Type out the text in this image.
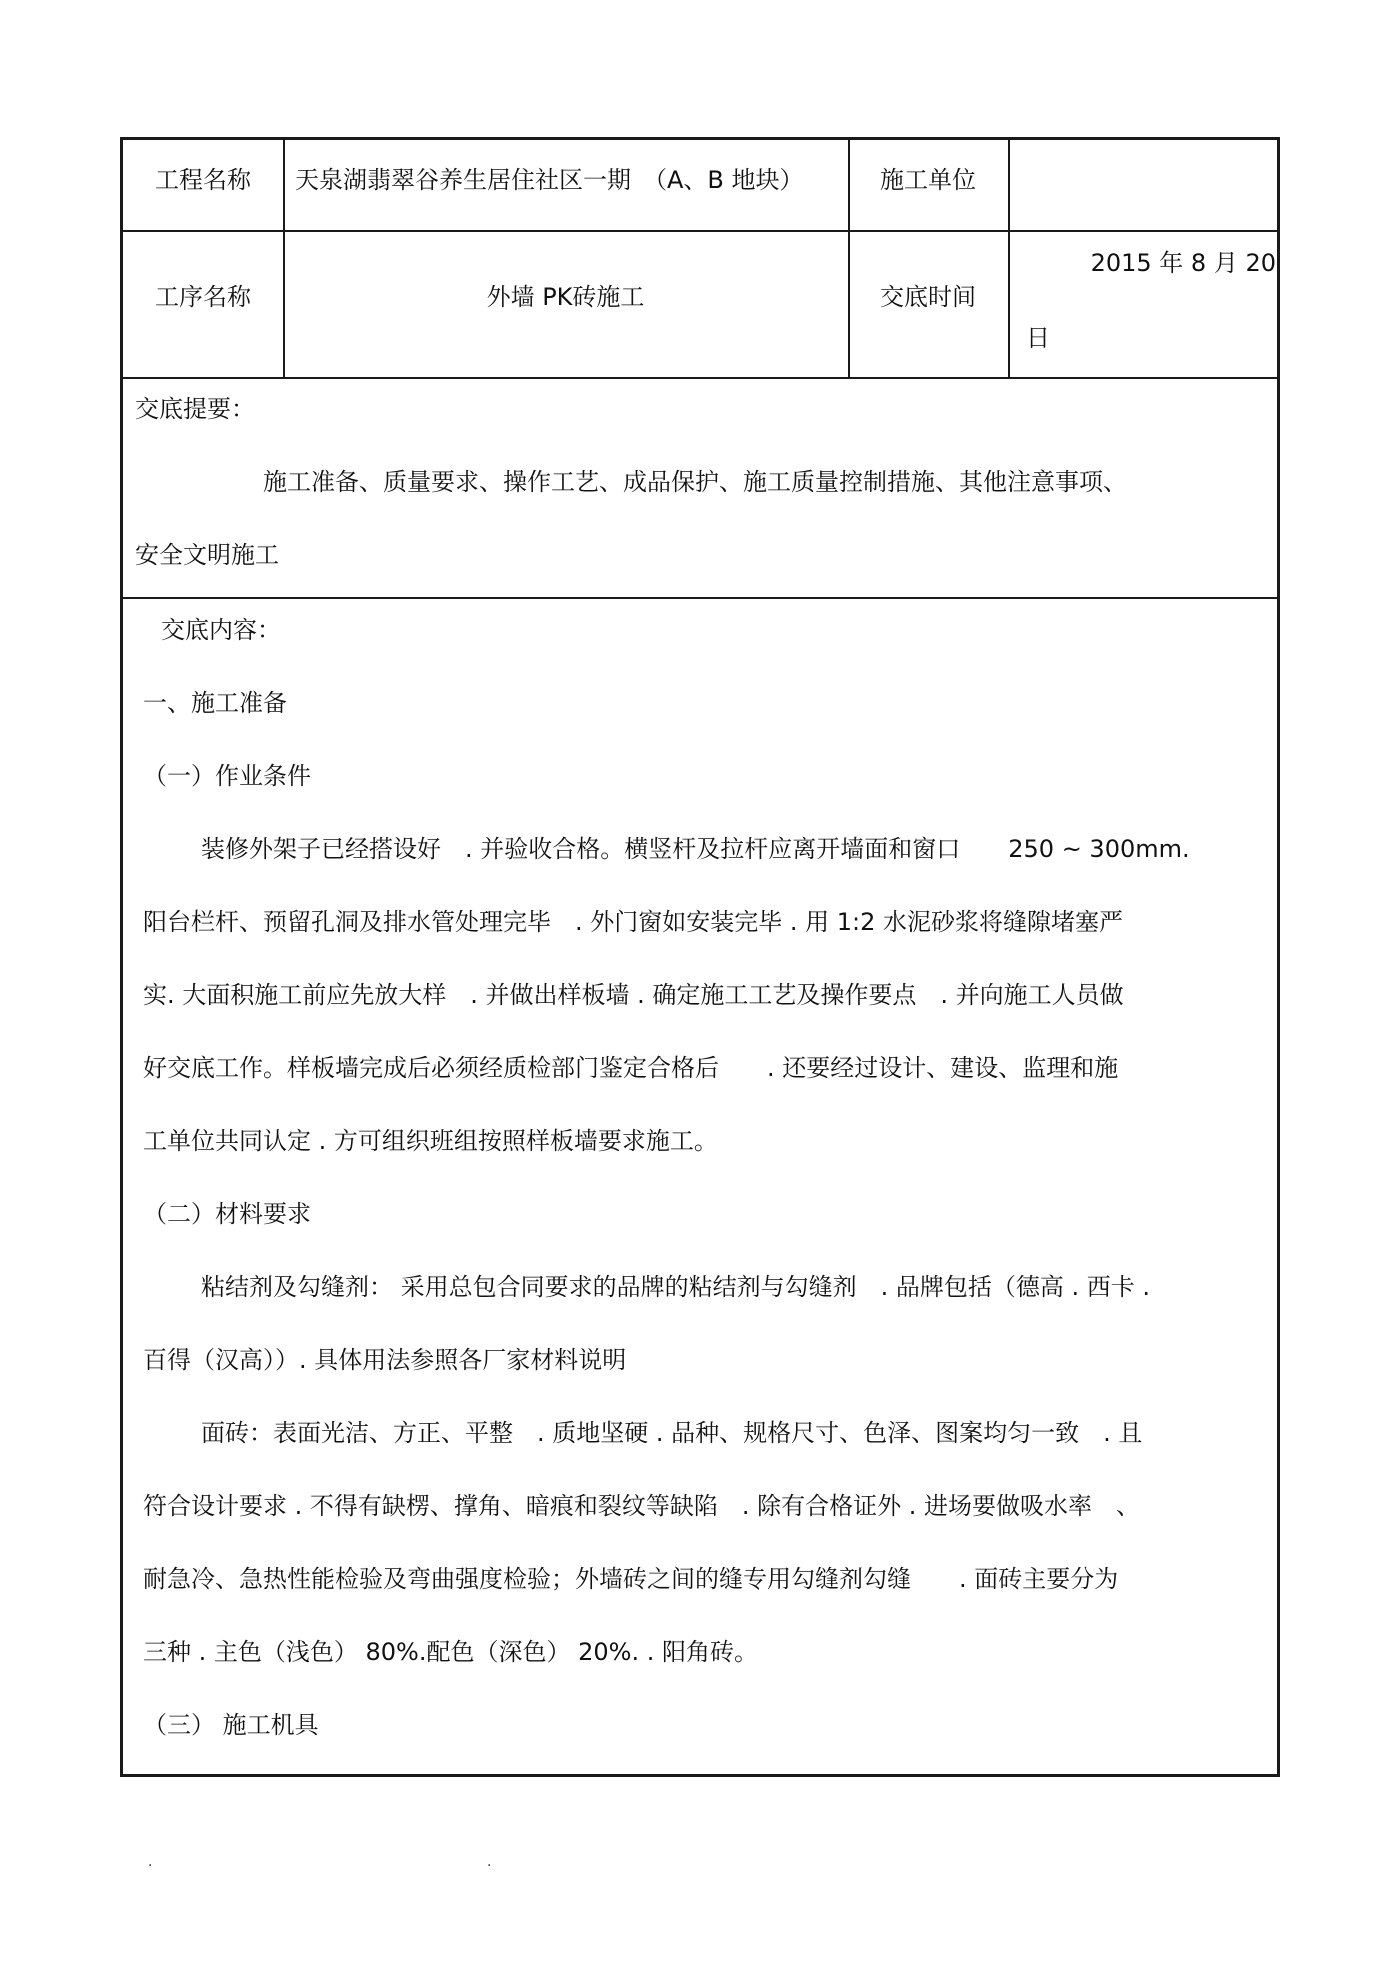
工程名称	天泉湖翡翠谷养生居住社区一期　（A、B 地块）	施工单位
工序名称	外墙 PK砖施工	交底时间
2015 年 8 月 20
日
交底提要：
施工准备、质量要求、操作工艺、成品保护、施工质量控制措施、其他注意事项、
安全文明施工
交底内容：
一、施工准备
（一）作业条件
装修外架子已经搭设好　. 并验收合格。横竖杆及拉杆应离开墙面和窗口　　250 ~ 300mm.
阳台栏杆、预留孔洞及排水管处理完毕　. 外门窗如安装完毕 . 用 1:2 水泥砂浆将缝隙堵塞严
实. 大面积施工前应先放大样　. 并做出样板墙 . 确定施工工艺及操作要点　. 并向施工人员做
好交底工作。样板墙完成后必须经质检部门鉴定合格后　　. 还要经过设计、建设、监理和施
工单位共同认定 . 方可组织班组按照样板墙要求施工。
（二）材料要求
粘结剂及勾缝剂： 采用总包合同要求的品牌的粘结剂与勾缝剂　. 品牌包括（德高 . 西卡 .
百得（汉高））. 具体用法参照各厂家材料说明
面砖：表面光洁、方正、平整　. 质地坚硬 . 品种、规格尺寸、色泽、图案均匀一致　. 且
符合设计要求 . 不得有缺楞、撑角、暗痕和裂纹等缺陷　. 除有合格证外 . 进场要做吸水率　、
耐急冷、急热性能检验及弯曲强度检验；外墙砖之间的缝专用勾缝剂勾缝　　. 面砖主要分为
三种 . 主色（浅色） 80%.配色（深色） 20%. . 阳角砖。
（三） 施工机具
.	.
